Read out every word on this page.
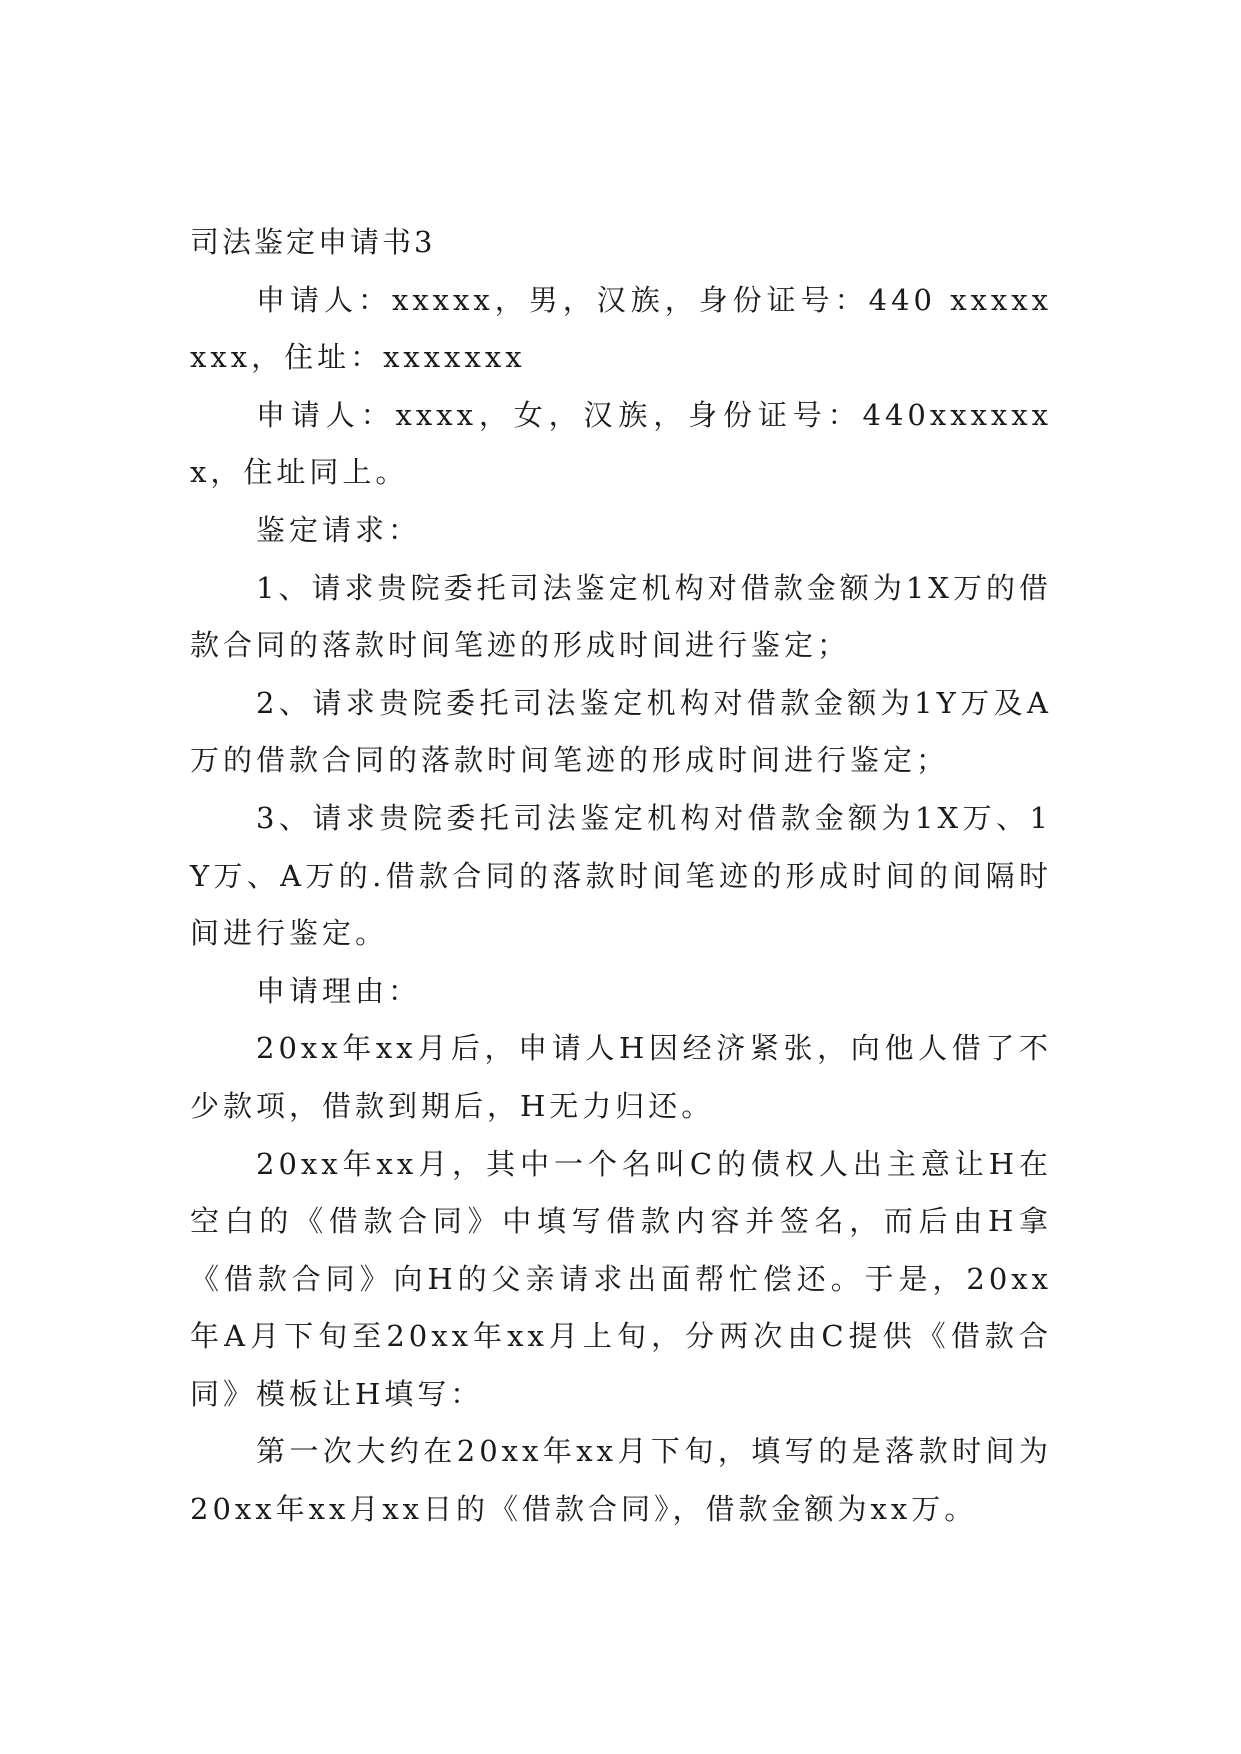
司法鉴定申请书3

申请人：xxxxx，男，汉族，身份证号：440 xxxxxxxx，住址：xxxxxxx

申请人：xxxx，女，汉族，身份证号：440xxxxxxx，住址同上。

鉴定请求：

1、请求贵院委托司法鉴定机构对借款金额为1X万的借款合同的落款时间笔迹的形成时间进行鉴定；

2、请求贵院委托司法鉴定机构对借款金额为1Y万及A万的借款合同的落款时间笔迹的形成时间进行鉴定；

3、请求贵院委托司法鉴定机构对借款金额为1X万、1Y万、A万的.借款合同的落款时间笔迹的形成时间的间隔时间进行鉴定。

申请理由：

20xx年xx月后，申请人H因经济紧张，向他人借了不少款项，借款到期后，H无力归还。

20xx年xx月，其中一个名叫C的债权人出主意让H在空白的《借款合同》中填写借款内容并签名，而后由H拿《借款合同》向H的父亲请求出面帮忙偿还。于是，20xx年A月下旬至20xx年xx月上旬，分两次由C提供《借款合同》模板让H填写：

第一次大约在20xx年xx月下旬，填写的是落款时间为20xx年xx月xx日的《借款合同》，借款金额为xx万。
